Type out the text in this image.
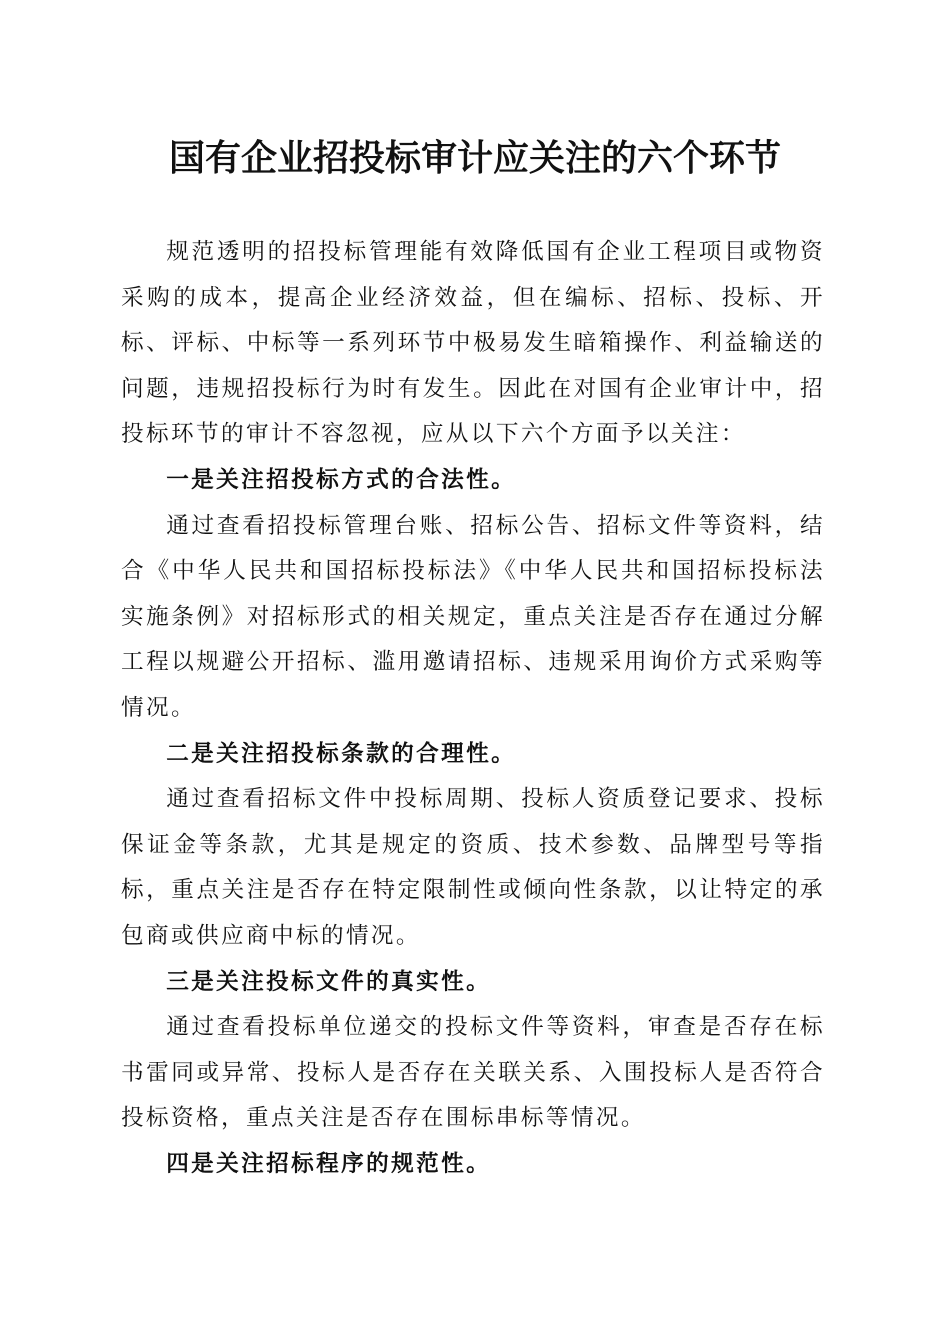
国有企业招投标审计应关注的六个环节

规范透明的招投标管理能有效降低国有企业工程项目或物资采购的成本，提高企业经济效益，但在编标、招标、投标、开标、评标、中标等一系列环节中极易发生暗箱操作、利益输送的问题，违规招投标行为时有发生。因此在对国有企业审计中，招投标环节的审计不容忽视，应从以下六个方面予以关注：

一是关注招投标方式的合法性。

通过查看招投标管理台账、招标公告、招标文件等资料，结合《中华人民共和国招标投标法》《中华人民共和国招标投标法实施条例》对招标形式的相关规定，重点关注是否存在通过分解工程以规避公开招标、滥用邀请招标、违规采用询价方式采购等情况。

二是关注招投标条款的合理性。

通过查看招标文件中投标周期、投标人资质登记要求、投标保证金等条款，尤其是规定的资质、技术参数、品牌型号等指标，重点关注是否存在特定限制性或倾向性条款，以让特定的承包商或供应商中标的情况。

三是关注投标文件的真实性。

通过查看投标单位递交的投标文件等资料，审查是否存在标书雷同或异常、投标人是否存在关联关系、入围投标人是否符合投标资格，重点关注是否存在围标串标等情况。

四是关注招标程序的规范性。
